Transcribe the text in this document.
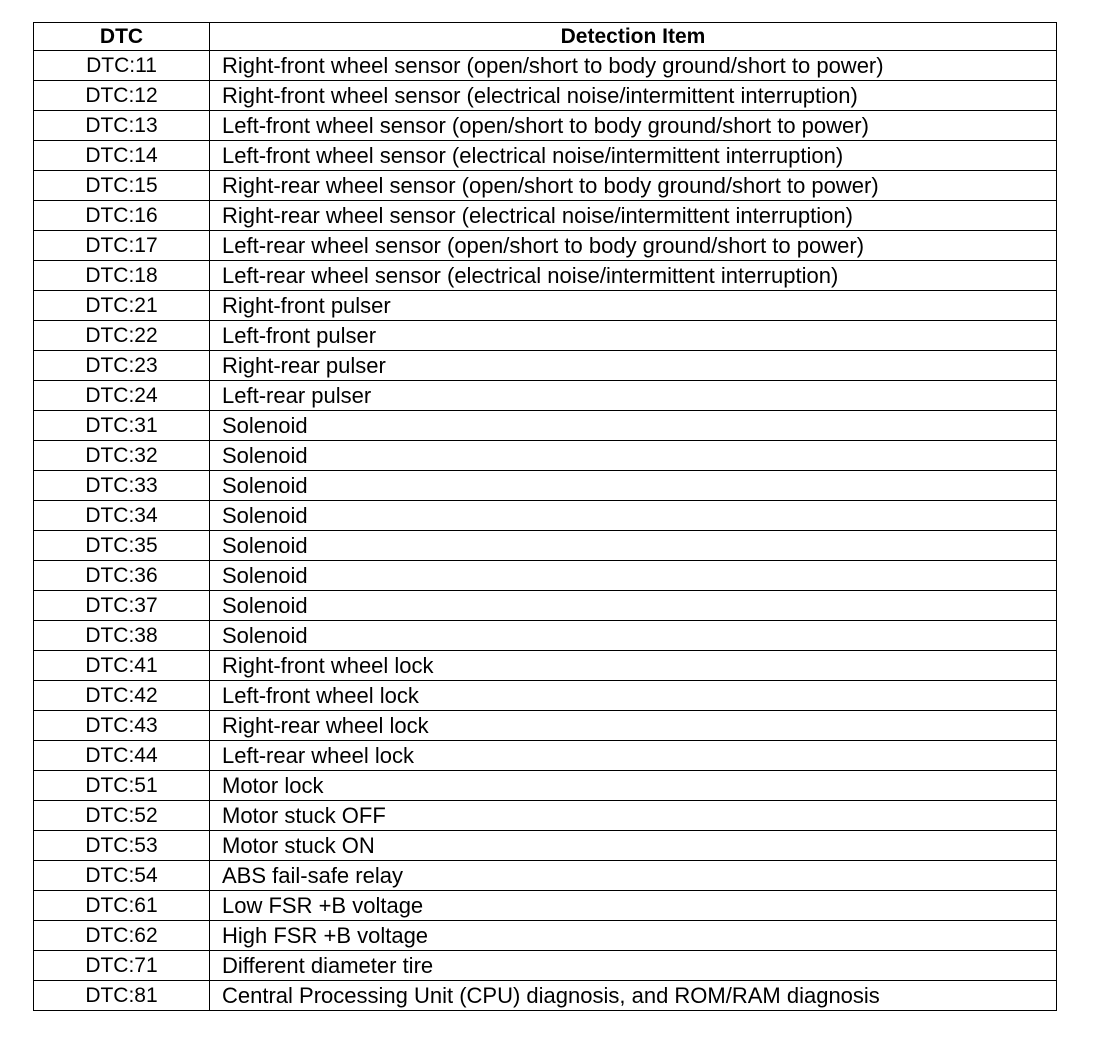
DTC	Detection Item
DTC:11	Right-front wheel sensor (open/short to body ground/short to power)
DTC:12	Right-front wheel sensor (electrical noise/intermittent interruption)
DTC:13	Left-front wheel sensor (open/short to body ground/short to power)
DTC:14	Left-front wheel sensor (electrical noise/intermittent interruption)
DTC:15	Right-rear wheel sensor (open/short to body ground/short to power)
DTC:16	Right-rear wheel sensor (electrical noise/intermittent interruption)
DTC:17	Left-rear wheel sensor (open/short to body ground/short to power)
DTC:18	Left-rear wheel sensor (electrical noise/intermittent interruption)
DTC:21	Right-front pulser
DTC:22	Left-front pulser
DTC:23	Right-rear pulser
DTC:24	Left-rear pulser
DTC:31	Solenoid
DTC:32	Solenoid
DTC:33	Solenoid
DTC:34	Solenoid
DTC:35	Solenoid
DTC:36	Solenoid
DTC:37	Solenoid
DTC:38	Solenoid
DTC:41	Right-front wheel lock
DTC:42	Left-front wheel lock
DTC:43	Right-rear wheel lock
DTC:44	Left-rear wheel lock
DTC:51	Motor lock
DTC:52	Motor stuck OFF
DTC:53	Motor stuck ON
DTC:54	ABS fail-safe relay
DTC:61	Low FSR +B voltage
DTC:62	High FSR +B voltage
DTC:71	Different diameter tire
DTC:81	Central Processing Unit (CPU) diagnosis, and ROM/RAM diagnosis
